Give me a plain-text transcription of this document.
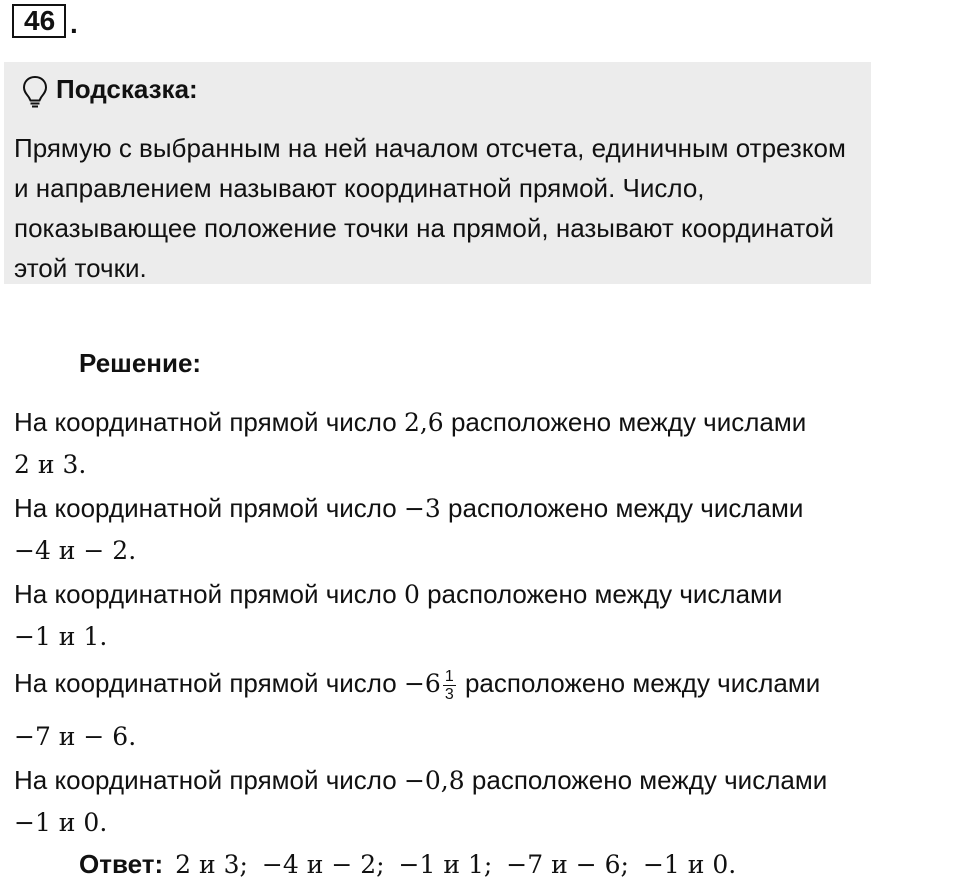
46 .
Подсказка:
Прямую с выбранным на ней началом отсчета, единичным отрезком и направлением называют координатной прямой. Число, показывающее положение точки на прямой, называют координатой этой точки.
Решение:
На координатной прямой число 2,6 расположено между числами
2 и 3.
На координатной прямой число −3 расположено между числами
−4 и − 2.
На координатной прямой число 0 расположено между числами
−1 и 1.
На координатной прямой число $-6 \frac{1}{3}$ расположено между числами
−7 и − 6.
На координатной прямой число −0,8 расположено между числами
−1 и 0.
Ответ: 2 и 3; −4 и − 2; −1 и 1; −7 и − 6; −1 и 0.
